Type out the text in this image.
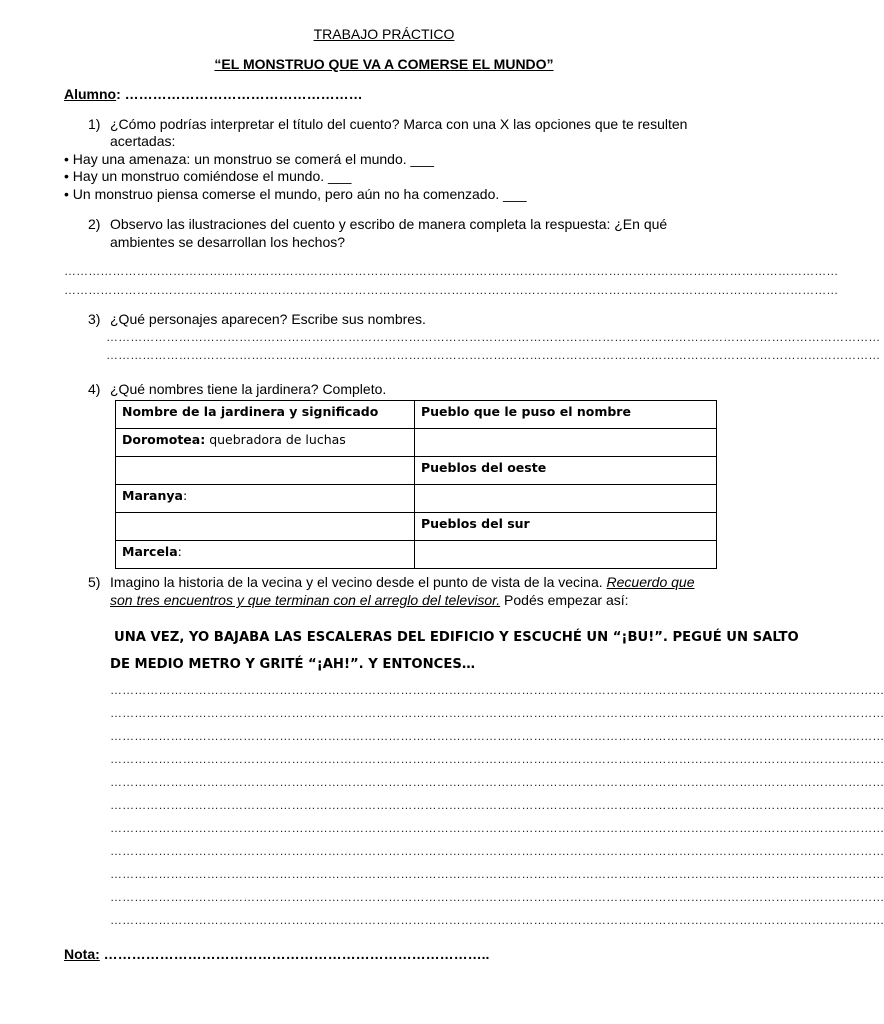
TRABAJO PRÁCTICO
“EL MONSTRUO QUE VA A COMERSE EL MUNDO”
Alumno: ……………………………………………
1) ¿Cómo podrías interpretar el título del cuento? Marca con una X las opciones que te resulten
acertadas:
• Hay una amenaza: un monstruo se comerá el mundo. ___
• Hay un monstruo comiéndose el mundo. ___
• Un monstruo piensa comerse el mundo, pero aún no ha comenzado. ___
2) Observo las ilustraciones del cuento y escribo de manera completa la respuesta: ¿En qué
ambientes se desarrollan los hechos?
…………………………………………………………………………………………………………………………………………………………………………
…………………………………………………………………………………………………………………………………………………………………………
3) ¿Qué personajes aparecen? Escribe sus nombres.
…………………………………………………………………………………………………………………………………………………………………………
…………………………………………………………………………………………………………………………………………………………………………
4) ¿Qué nombres tiene la jardinera? Completo.
Nombre de la jardinera y significado	Pueblo que le puso el nombre
Doromotea: quebradora de luchas	
	Pueblos del oeste
Maranya:	
	Pueblos del sur
Marcela:	
5) Imagino la historia de la vecina y el vecino desde el punto de vista de la vecina. Recuerdo que
son tres encuentros y que terminan con el arreglo del televisor. Podés empezar así:
UNA VEZ, YO BAJABA LAS ESCALERAS DEL EDIFICIO Y ESCUCHÉ UN “¡BU!”. PEGUÉ UN SALTO
DE MEDIO METRO Y GRITÉ “¡AH!”. Y ENTONCES…
…………………………………………………………………………………………………………………………………………………………………………
…………………………………………………………………………………………………………………………………………………………………………
…………………………………………………………………………………………………………………………………………………………………………
…………………………………………………………………………………………………………………………………………………………………………
…………………………………………………………………………………………………………………………………………………………………………
…………………………………………………………………………………………………………………………………………………………………………
…………………………………………………………………………………………………………………………………………………………………………
…………………………………………………………………………………………………………………………………………………………………………
…………………………………………………………………………………………………………………………………………………………………………
…………………………………………………………………………………………………………………………………………………………………………
…………………………………………………………………………………………………………………………………………………………………………
Nota: ………………………………………………………………………..
